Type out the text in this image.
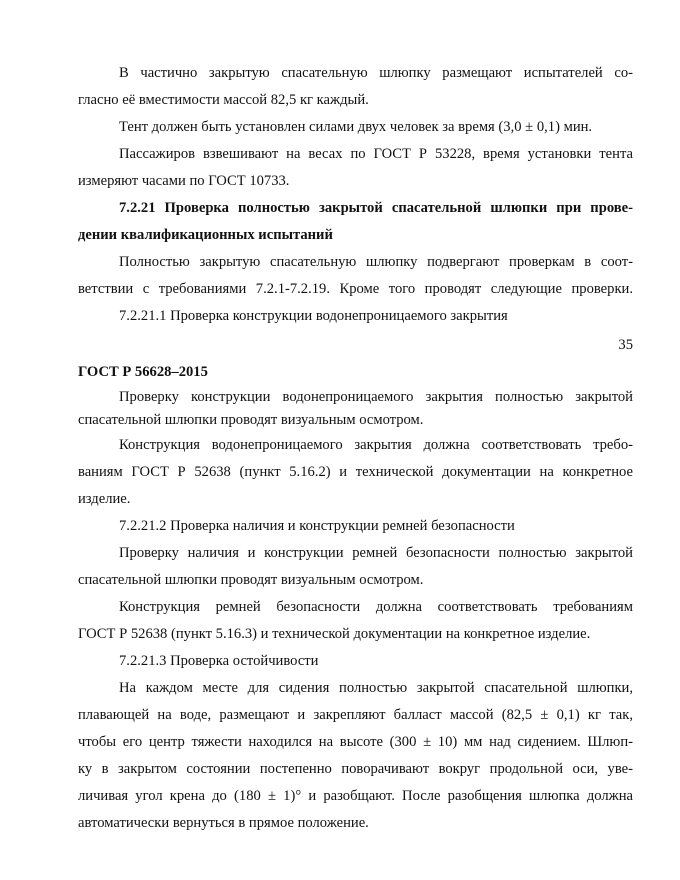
В частично закрытую спасательную шлюпку размещают испытателей со-
гласно её вместимости массой 82,5 кг каждый.
Тент должен быть установлен силами двух человек за время (3,0 ± 0,1) мин.
Пассажиров взвешивают на весах по ГОСТ Р 53228, время установки тента
измеряют часами по ГОСТ 10733.
7.2.21 Проверка полностью закрытой спасательной шлюпки при прове-
дении квалификационных испытаний
Полностью закрытую спасательную шлюпку подвергают проверкам в соот-
ветствии с требованиями 7.2.1-7.2.19. Кроме того проводят следующие проверки.
7.2.21.1 Проверка конструкции водонепроницаемого закрытия
35
ГОСТ Р 56628–2015
Проверку конструкции водонепроницаемого закрытия полностью закрытой
спасательной шлюпки проводят визуальным осмотром.
Конструкция водонепроницаемого закрытия должна соответствовать требо-
ваниям ГОСТ Р 52638 (пункт 5.16.2) и технической документации на конкретное
изделие.
7.2.21.2 Проверка наличия и конструкции ремней безопасности
Проверку наличия и конструкции ремней безопасности полностью закрытой
спасательной шлюпки проводят визуальным осмотром.
Конструкция ремней безопасности должна соответствовать требованиям
ГОСТ Р 52638 (пункт 5.16.3) и технической документации на конкретное изделие.
7.2.21.3 Проверка остойчивости
На каждом месте для сидения полностью закрытой спасательной шлюпки,
плавающей на воде, размещают и закрепляют балласт массой (82,5 ± 0,1) кг так,
чтобы его центр тяжести находился на высоте (300 ± 10) мм над сидением. Шлюп-
ку в закрытом состоянии постепенно поворачивают вокруг продольной оси, уве-
личивая угол крена до (180 ± 1)° и разобщают. После разобщения шлюпка должна
автоматически вернуться в прямое положение.
